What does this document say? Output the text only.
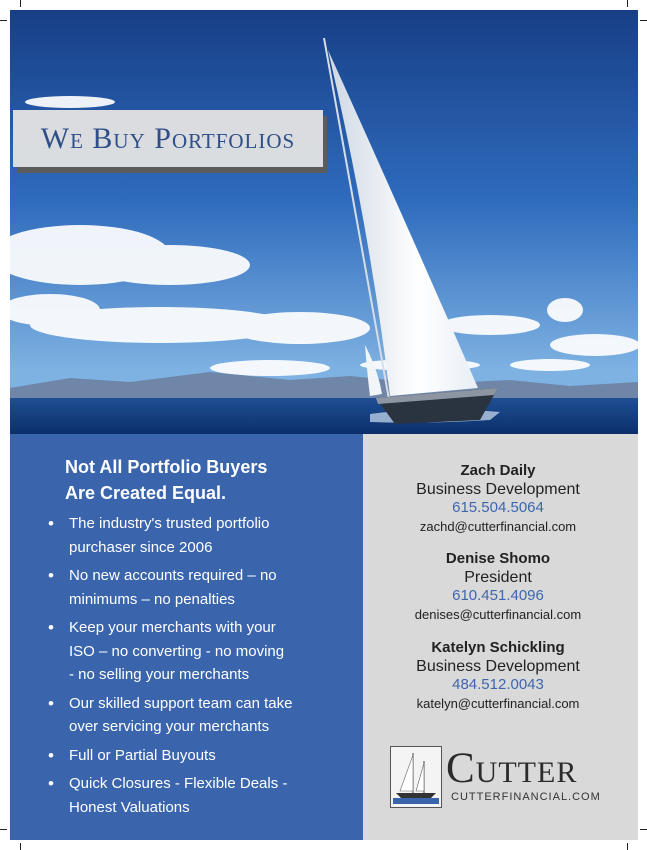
We Buy Portfolios
Not All Portfolio Buyers
Are Created Equal.
• The industry's trusted portfolio
purchaser since 2006
• No new accounts required – no
minimums – no penalties
• Keep your merchants with your
ISO – no converting - no moving
- no selling your merchants
• Our skilled support team can take
over servicing your merchants
• Full or Partial Buyouts
• Quick Closures - Flexible Deals -
Honest Valuations
Zach Daily
Business Development
615.504.5064
zachd@cutterfinancial.com
Denise Shomo
President
610.451.4096
denises@cutterfinancial.com
Katelyn Schickling
Business Development
484.512.0043
katelyn@cutterfinancial.com
Cutter
CUTTERFINANCIAL.COM
